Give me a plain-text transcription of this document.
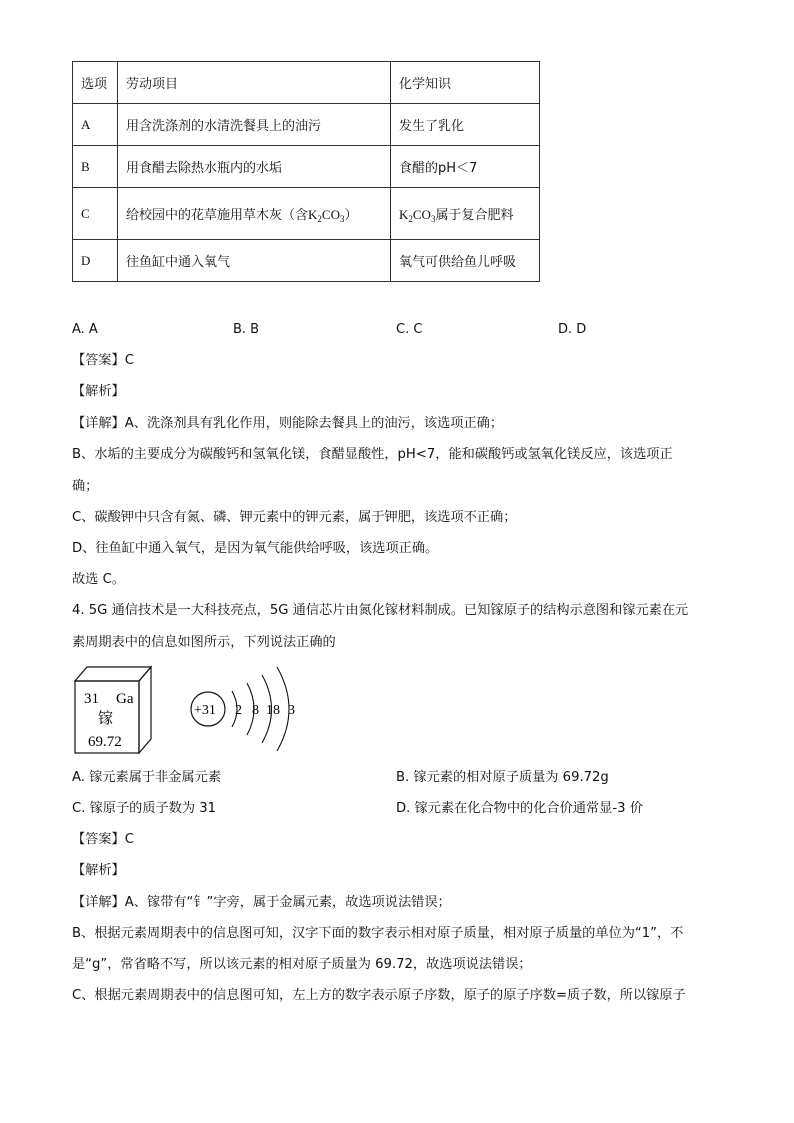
选项	劳动项目	化学知识
A	用含洗涤剂的水清洗餐具上的油污	发生了乳化
B	用食醋去除热水瓶内的水垢	食醋的pH＜7
C	给校园中的花草施用草木灰（含$K_2CO_3$）	$K_2CO_3$属于复合肥料
D	往鱼缸中通入氧气	氧气可供给鱼儿呼吸
A. A	B. B	C. C	D. D
【答案】C
【解析】
【详解】A、洗涤剂具有乳化作用，则能除去餐具上的油污，该选项正确；
B、水垢的主要成分为碳酸钙和氢氧化镁，食醋显酸性，pH<7，能和碳酸钙或氢氧化镁反应，该选项正
确；
C、碳酸钾中只含有氮、磷、钾元素中的钾元素，属于钾肥，该选项不正确；
D、往鱼缸中通入氧气，是因为氧气能供给呼吸，该选项正确。
故选 C。
4. 5G 通信技术是一大科技亮点，5G 通信芯片由氮化镓材料制成。已知镓原子的结构示意图和镓元素在元
素周期表中的信息如图所示，下列说法正确的
31 Ga
镓
69.72
+31 2 8 18 3
A. 镓元素属于非金属元素	B. 镓元素的相对原子质量为 69.72g
C. 镓原子的质子数为 31	D. 镓元素在化合物中的化合价通常显-3 价
【答案】C
【解析】
【详解】A、镓带有“钅”字旁，属于金属元素，故选项说法错误；
B、根据元素周期表中的信息图可知，汉字下面的数字表示相对原子质量，相对原子质量的单位为“1”，不
是“g”，常省略不写，所以该元素的相对原子质量为 69.72，故选项说法错误；
C、根据元素周期表中的信息图可知，左上方的数字表示原子序数，原子的原子序数=质子数，所以镓原子
